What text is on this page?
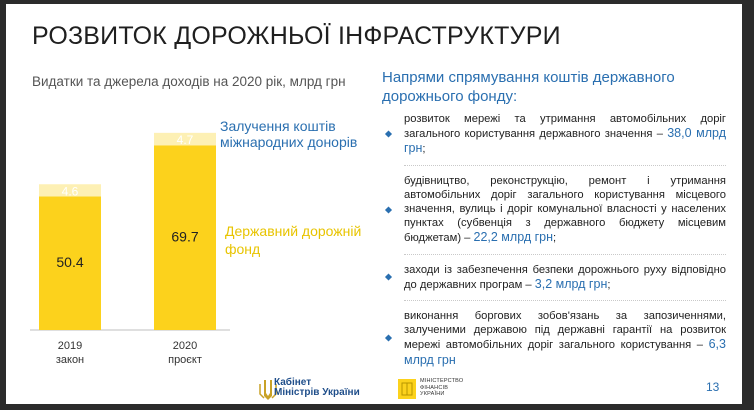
РОЗВИТОК ДОРОЖНЬОЇ ІНФРАСТРУКТУРИ
Видатки та джерела доходів на 2020 рік, млрд грн
50.4
4.6
2019
закон
69.7
4.7
2020
проєкт
Залучення коштів
міжнародних донорів
Державний дорожній
фонд
Напрями спрямування коштів державного дорожнього фонду:
розвиток мережі та утримання автомобільних доріг загального користування державного значення – 38,0 млрд грн;
будівництво, реконструкцію, ремонт і утримання автомобільних доріг загального користування місцевого значення, вулиць і доріг комунальної власності у населених пунктах (субвенція з державного бюджету місцевим бюджетам) – 22,2 млрд грн;
заходи із забезпечення безпеки дорожнього руху відповідно до державних програм – 3,2 млрд грн;
виконання боргових зобов'язань за запозиченнями, залученими державою під державні гарантії на розвиток мережі автомобільних доріг загального користування – 6,3 млрд грн
Кабінет
Міністрів України
МІНІСТЕРСТВО
ФІНАНСІВ
УКРАЇНИ	13
